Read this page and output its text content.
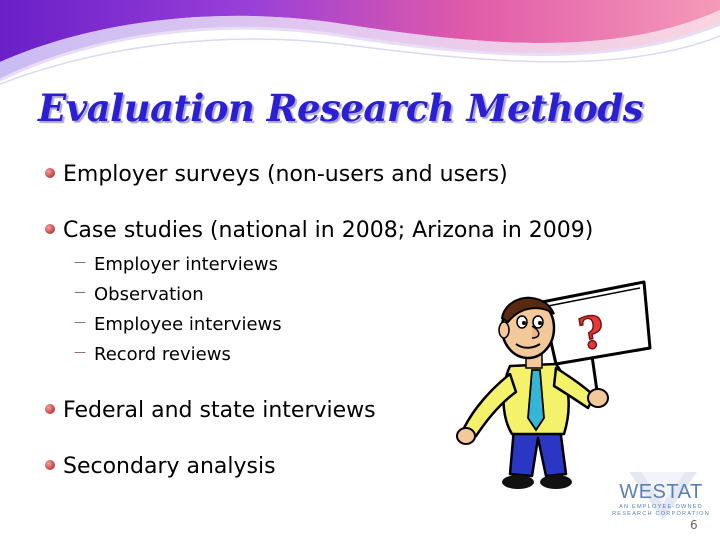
Evaluation Research Methods
Employer surveys (non-users and users)
Case studies (national in 2008; Arizona in 2009)
— Employer interviews
— Observation
— Employee interviews
— Record reviews
Federal and state interviews
Secondary analysis
?
WESTAT
AN EMPLOYEE-OWNED
RESEARCH CORPORATION
6
